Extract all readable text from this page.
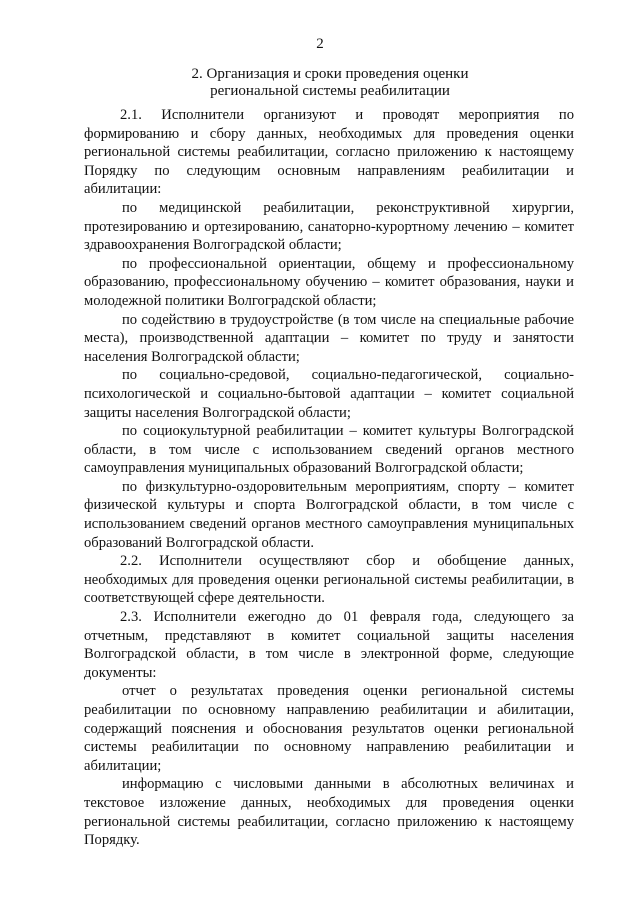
2
2. Организация и сроки проведения оценки
региональной системы реабилитации

2.1. Исполнители организуют и проводят мероприятия по формированию и сбору данных, необходимых для проведения оценки региональной системы реабилитации, согласно приложению к настоящему Порядку по следующим основным направлениям реабилитации и абилитации:

по медицинской реабилитации, реконструктивной хирургии, протезированию и ортезированию, санаторно-курортному лечению – комитет здравоохранения Волгоградской области;

по профессиональной ориентации, общему и профессиональному образованию, профессиональному обучению – комитет образования, науки и молодежной политики Волгоградской области;

по содействию в трудоустройстве (в том числе на специальные рабочие места), производственной адаптации – комитет по труду и занятости населения Волгоградской области;

по социально-средовой, социально-педагогической, социально-психологической и социально-бытовой адаптации – комитет социальной защиты населения Волгоградской области;

по социокультурной реабилитации – комитет культуры Волгоградской области, в том числе с использованием сведений органов местного самоуправления муниципальных образований Волгоградской области;

по физкультурно-оздоровительным мероприятиям, спорту – комитет физической культуры и спорта Волгоградской области, в том числе с использованием сведений органов местного самоуправления муниципальных образований Волгоградской области.

2.2. Исполнители осуществляют сбор и обобщение данных, необходимых для проведения оценки региональной системы реабилитации, в соответствующей сфере деятельности.

2.3. Исполнители ежегодно до 01 февраля года, следующего за отчетным, представляют в комитет социальной защиты населения Волгоградской области, в том числе в электронной форме, следующие документы:

отчет о результатах проведения оценки региональной системы реабилитации по основному направлению реабилитации и абилитации, содержащий пояснения и обоснования результатов оценки региональной системы реабилитации по основному направлению реабилитации и абилитации;

информацию с числовыми данными в абсолютных величинах и текстовое изложение данных, необходимых для проведения оценки региональной системы реабилитации, согласно приложению к настоящему Порядку.
